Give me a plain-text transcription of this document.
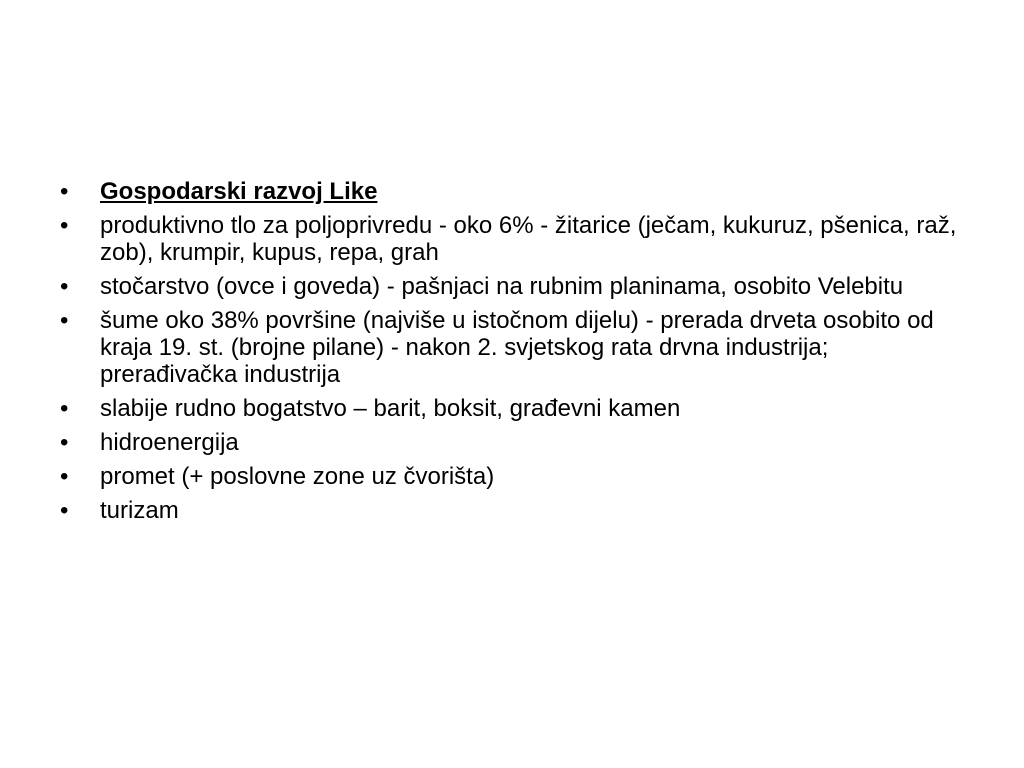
•	Gospodarski razvoj Like
•	produktivno tlo za poljoprivredu - oko 6% - žitarice (ječam, kukuruz, pšenica, raž, zob), krumpir, kupus, repa, grah
•	stočarstvo (ovce i goveda) - pašnjaci na rubnim planinama, osobito Velebitu
•	šume oko 38% površine (najviše u istočnom dijelu) - prerada drveta osobito od kraja 19. st. (brojne pilane) - nakon 2. svjetskog rata drvna industrija; prerađivačka industrija
•	slabije rudno bogatstvo – barit, boksit, građevni kamen
•	hidroenergija
•	promet (+ poslovne zone uz čvorišta)
•	turizam
